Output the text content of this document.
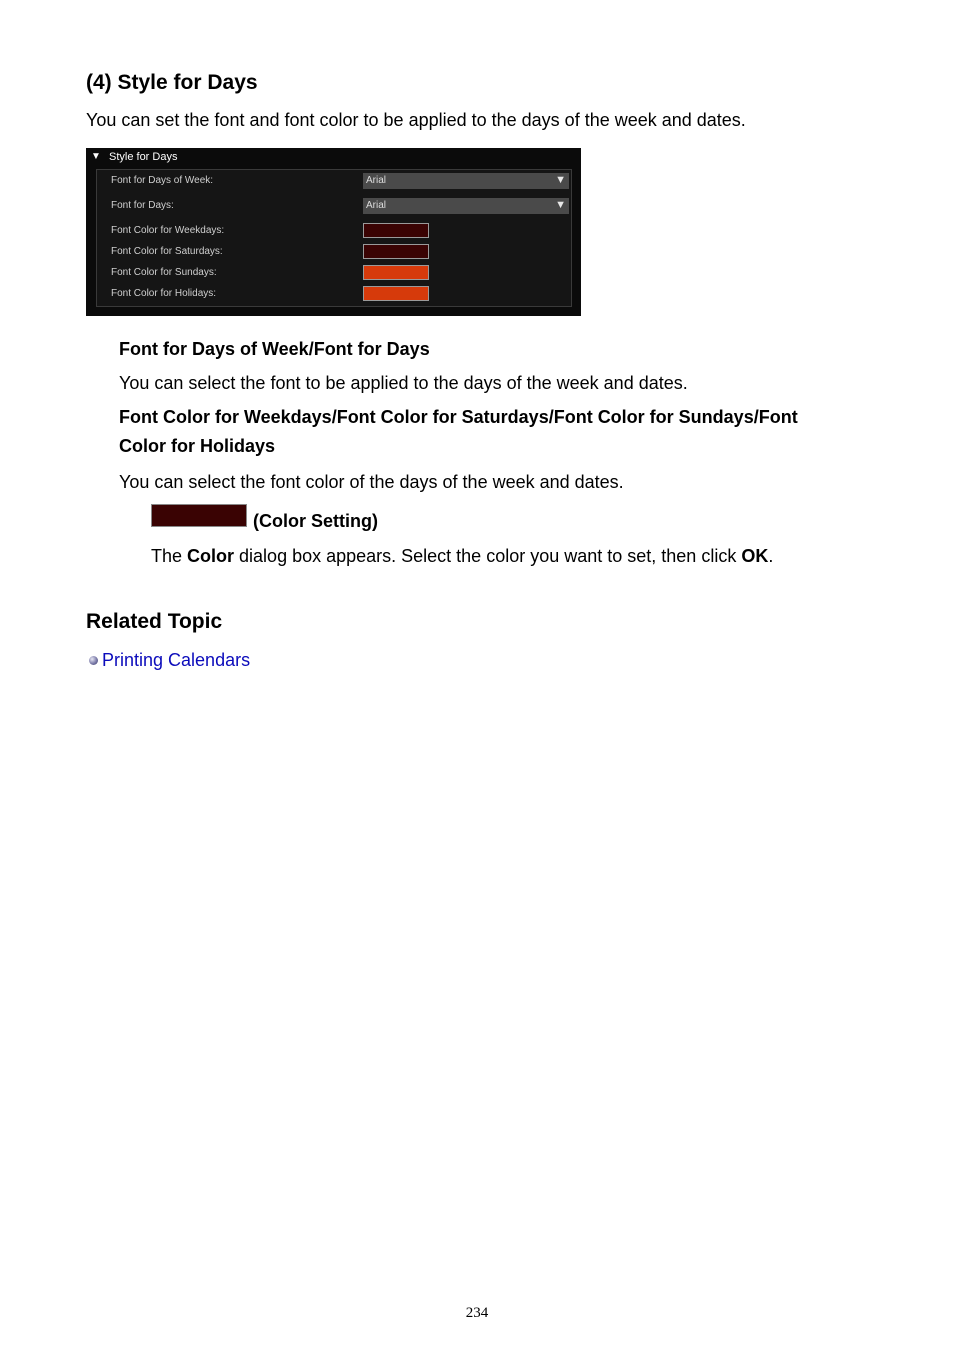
(4) Style for Days
You can set the font and font color to be applied to the days of the week and dates.
▼ Style for Days
Font for Days of Week:	Arial	▼
Font for Days:	Arial	▼
Font Color for Weekdays:
Font Color for Saturdays:
Font Color for Sundays:
Font Color for Holidays:
Font for Days of Week/Font for Days
You can select the font to be applied to the days of the week and dates.
Font Color for Weekdays/Font Color for Saturdays/Font Color for Sundays/Font
Color for Holidays
You can select the font color of the days of the week and dates.
(Color Setting)
The Color dialog box appears. Select the color you want to set, then click OK.
Related Topic
Printing Calendars
234
